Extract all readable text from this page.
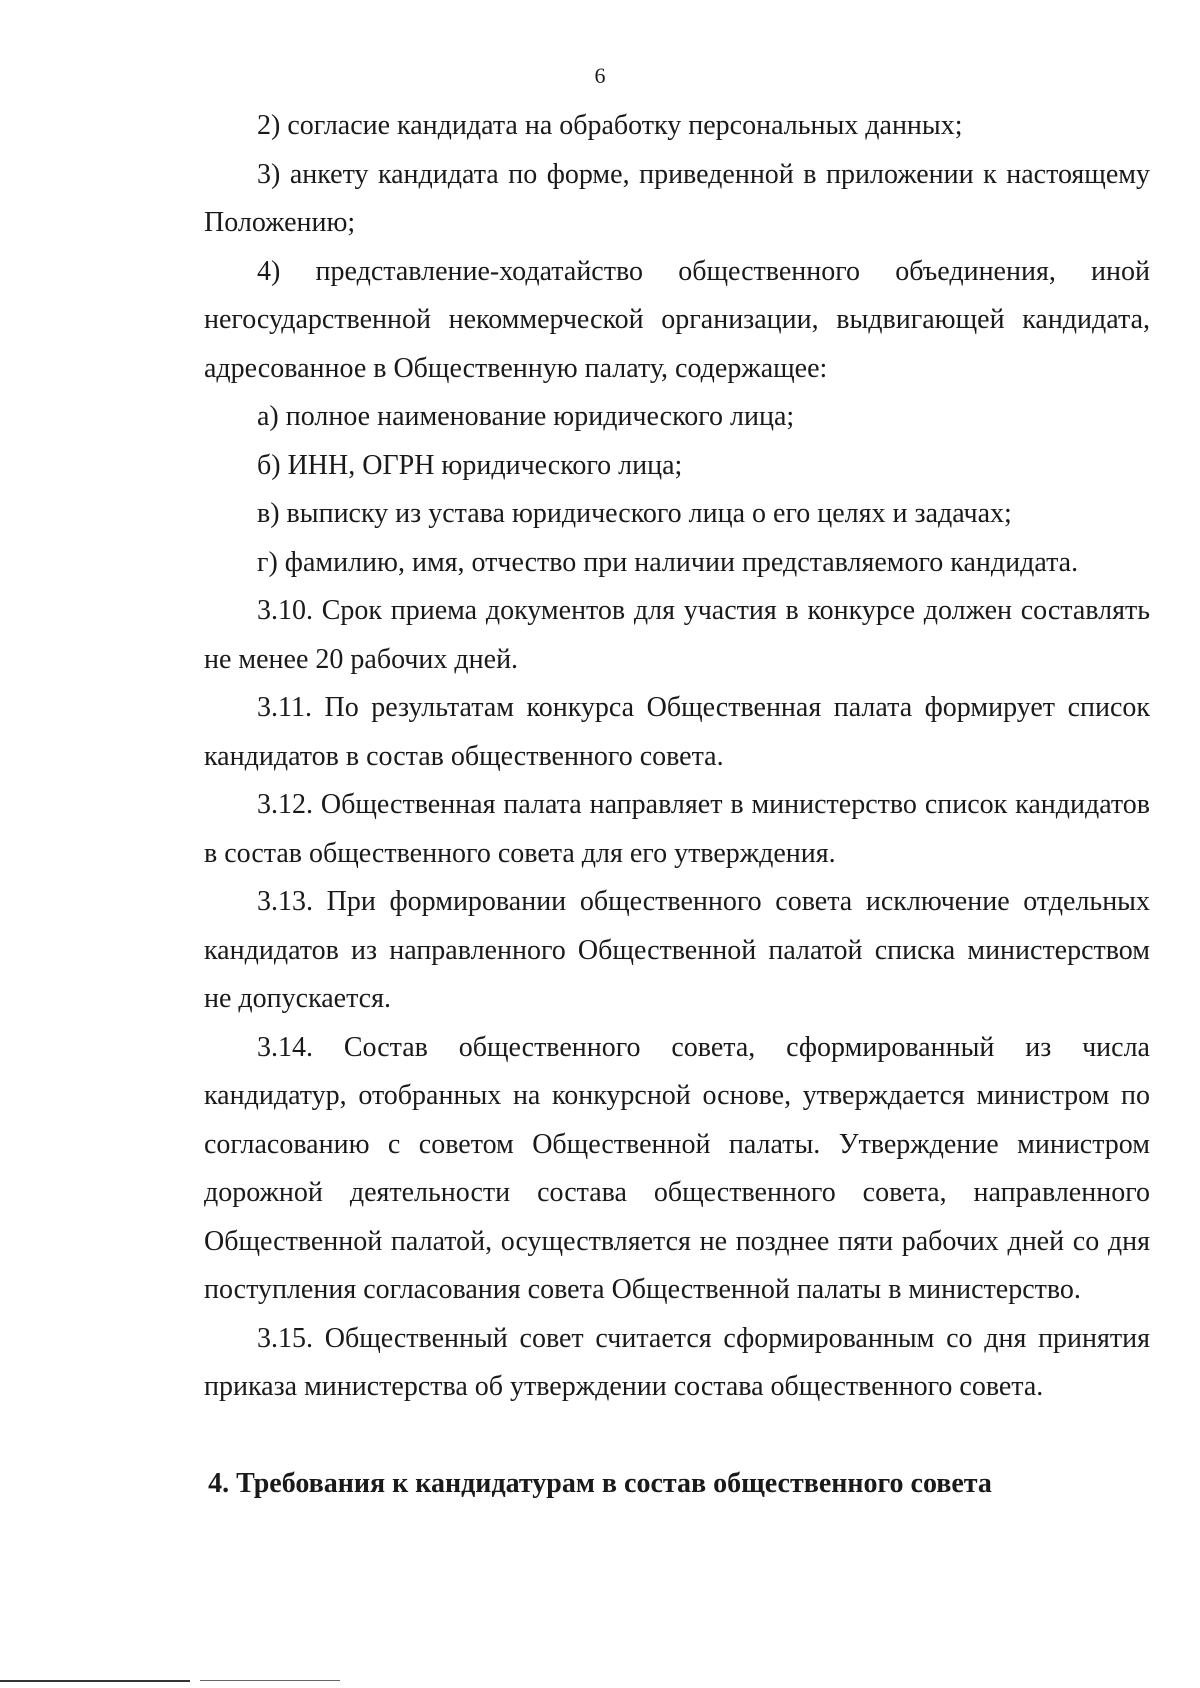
6

2) согласие кандидата на обработку персональных данных;

3) анкету кандидата по форме, приведенной в приложении к настоящему Положению;

4) представление-ходатайство общественного объединения, иной негосударственной некоммерческой организации, выдвигающей кандидата, адресованное в Общественную палату, содержащее:

а) полное наименование юридического лица;

б) ИНН, ОГРН юридического лица;

в) выписку из устава юридического лица о его целях и задачах;

г) фамилию, имя, отчество при наличии представляемого кандидата.

3.10. Срок приема документов для участия в конкурсе должен составлять не менее 20 рабочих дней.

3.11. По результатам конкурса Общественная палата формирует список кандидатов в состав общественного совета.

3.12. Общественная палата направляет в министерство список кандидатов в состав общественного совета для его утверждения.

3.13. При формировании общественного совета исключение отдельных кандидатов из направленного Общественной палатой списка министерством не допускается.

3.14. Состав общественного совета, сформированный из числа кандидатур, отобранных на конкурсной основе, утверждается министром по согласованию с советом Общественной палаты. Утверждение министром дорожной деятельности состава общественного совета, направленного Общественной палатой, осуществляется не позднее пяти рабочих дней со дня поступления согласования совета Общественной палаты в министерство.

3.15. Общественный совет считается сформированным со дня принятия приказа министерства об утверждении состава общественного совета.

4. Требования к кандидатурам в состав общественного совета
